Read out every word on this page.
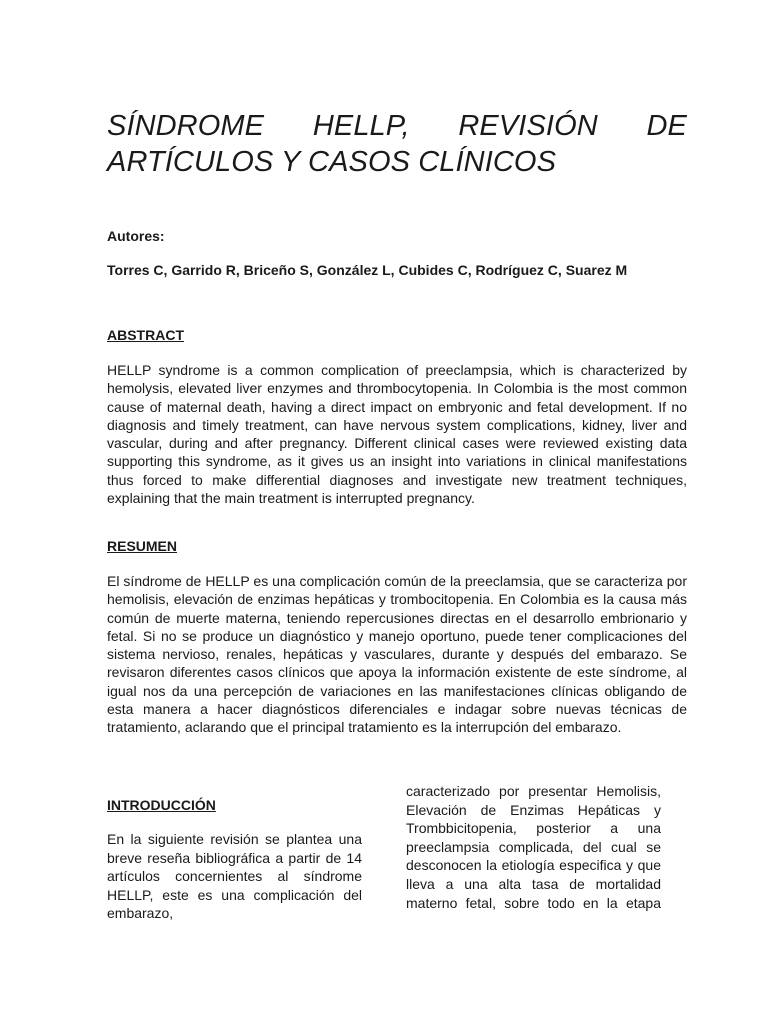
SÍNDROME HELLP, REVISIÓN DE
ARTÍCULOS Y CASOS CLÍNICOS
Autores:
Torres C, Garrido R, Briceño S, González L, Cubides C, Rodríguez C, Suarez M
ABSTRACT

HELLP syndrome is a common complication of preeclampsia, which is characterized by hemolysis, elevated liver enzymes and thrombocytopenia. In Colombia is the most common cause of maternal death, having a direct impact on embryonic and fetal development. If no diagnosis and timely treatment, can have nervous system complications, kidney, liver and vascular, during and after pregnancy. Different clinical cases were reviewed existing data supporting this syndrome, as it gives us an insight into variations in clinical manifestations thus forced to make differential diagnoses and investigate new treatment techniques, explaining that the main treatment is interrupted pregnancy.

RESUMEN

El síndrome de HELLP es una complicación común de la preeclamsia, que se caracteriza por hemolisis, elevación de enzimas hepáticas y trombocitopenia. En Colombia es la causa más común de muerte materna, teniendo repercusiones directas en el desarrollo embrionario y fetal. Si no se produce un diagnóstico y manejo oportuno, puede tener complicaciones del sistema nervioso, renales, hepáticas y vasculares, durante y después del embarazo. Se revisaron diferentes casos clínicos que apoya la información existente de este síndrome, al igual nos da una percepción de variaciones en las manifestaciones clínicas obligando de esta manera a hacer diagnósticos diferenciales e indagar sobre nuevas técnicas de tratamiento, aclarando que el principal tratamiento es la interrupción del embarazo.

INTRODUCCIÓN

En la siguiente revisión se plantea una breve reseña bibliográfica a partir de 14 artículos concernientes al síndrome HELLP, este es una complicación del embarazo,

caracterizado por presentar Hemolisis, Elevación de Enzimas Hepáticas y Trombbicitopenia, posterior a una preeclampsia complicada, del cual se desconocen la etiología especifica y que lleva a una alta tasa de mortalidad materno fetal, sobre todo en la etapa
